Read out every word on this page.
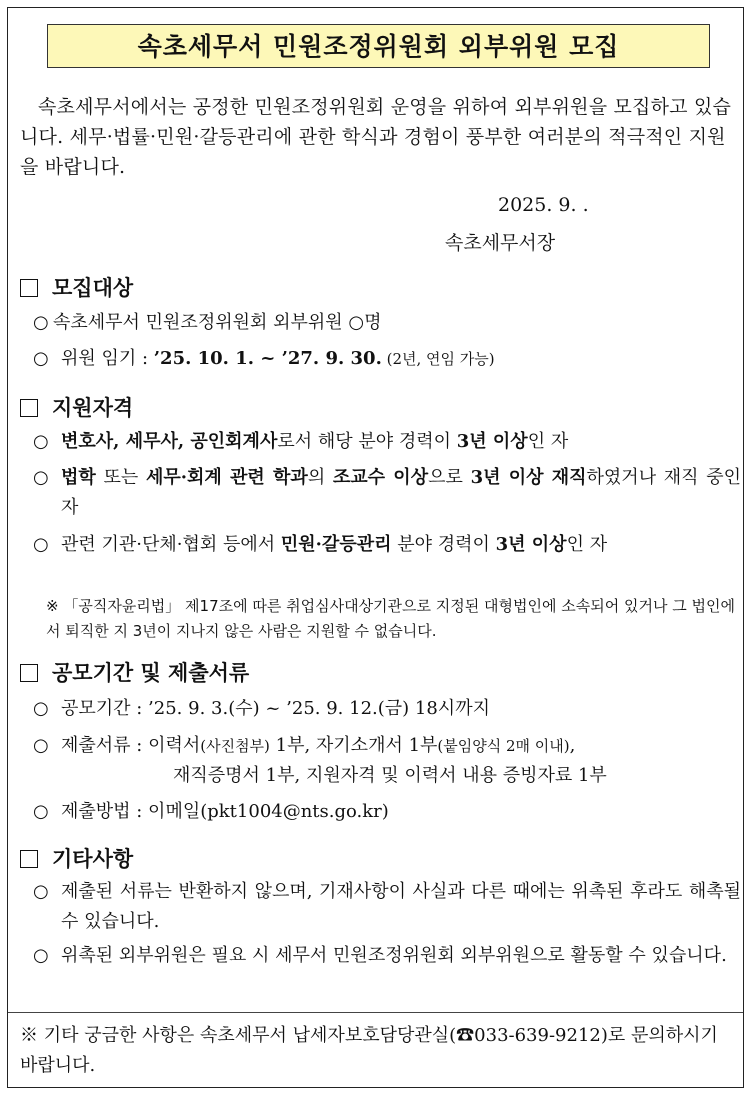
속초세무서 민원조정위원회 외부위원 모집
속초세무서에서는 공정한 민원조정위원회 운영을 위하여 외부위원을 모집하고 있습니다. 세무·법률·민원·갈등관리에 관한 학식과 경험이 풍부한 여러분의 적극적인 지원을 바랍니다.
2025. 9. .
속초세무서장
모집대상
○ 속초세무서 민원조정위원회 외부위원 ○명
○ 위원 임기 : ’25. 10. 1. ~ ’27. 9. 30. (2년, 연임 가능)
지원자격
○ 변호사, 세무사, 공인회계사로서 해당 분야 경력이 3년 이상인 자
○ 법학 또는 세무·회계 관련 학과의 조교수 이상으로 3년 이상 재직하였거나 재직 중인 자
○ 관련 기관·단체·협회 등에서 민원·갈등관리 분야 경력이 3년 이상인 자
※ 「공직자윤리법」 제17조에 따른 취업심사대상기관으로 지정된 대형법인에 소속되어 있거나 그 법인에서 퇴직한 지 3년이 지나지 않은 사람은 지원할 수 없습니다.
공모기간 및 제출서류
○ 공모기간 : ’25. 9. 3.(수) ~ ’25. 9. 12.(금) 18시까지
○ 제출서류 : 이력서(사진첨부) 1부, 자기소개서 1부(붙임양식 2매 이내),
재직증명서 1부, 지원자격 및 이력서 내용 증빙자료 1부
○ 제출방법 : 이메일(pkt1004@nts.go.kr)
기타사항
○ 제출된 서류는 반환하지 않으며, 기재사항이 사실과 다른 때에는 위촉된 후라도 해촉될 수 있습니다.
○ 위촉된 외부위원은 필요 시 세무서 민원조정위원회 외부위원으로 활동할 수 있습니다.
※ 기타 궁금한 사항은 속초세무서 납세자보호담당관실(☎033-639-9212)로 문의하시기 바랍니다.
